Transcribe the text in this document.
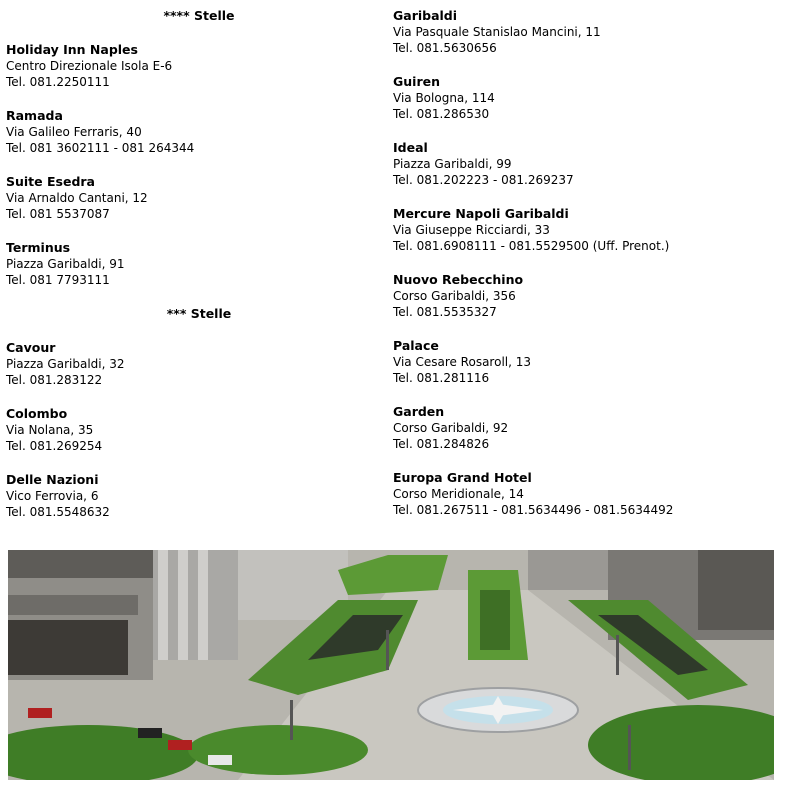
**** Stelle
Holiday Inn Naples
Centro Direzionale Isola E-6
Tel. 081.2250111
Ramada
Via Galileo Ferraris, 40
Tel. 081 3602111 - 081 264344
Suite Esedra
Via Arnaldo Cantani, 12
Tel. 081 5537087
Terminus
Piazza Garibaldi, 91
Tel. 081 7793111
*** Stelle
Cavour
Piazza Garibaldi, 32
Tel. 081.283122
Colombo
Via Nolana, 35
Tel. 081.269254
Delle Nazioni
Vico Ferrovia, 6
Tel. 081.5548632
Garibaldi
Via Pasquale Stanislao Mancini, 11
Tel. 081.5630656
Guiren
Via Bologna, 114
Tel. 081.286530
Ideal
Piazza Garibaldi, 99
Tel. 081.202223 - 081.269237
Mercure Napoli Garibaldi
Via Giuseppe Ricciardi, 33
Tel. 081.6908111 - 081.5529500 (Uff. Prenot.)
Nuovo Rebecchino
Corso Garibaldi, 356
Tel. 081.5535327
Palace
Via Cesare Rosaroll, 13
Tel. 081.281116
Garden
Corso Garibaldi, 92
Tel. 081.284826
Europa Grand Hotel
Corso Meridionale, 14
Tel. 081.267511 - 081.5634496 - 081.5634492
